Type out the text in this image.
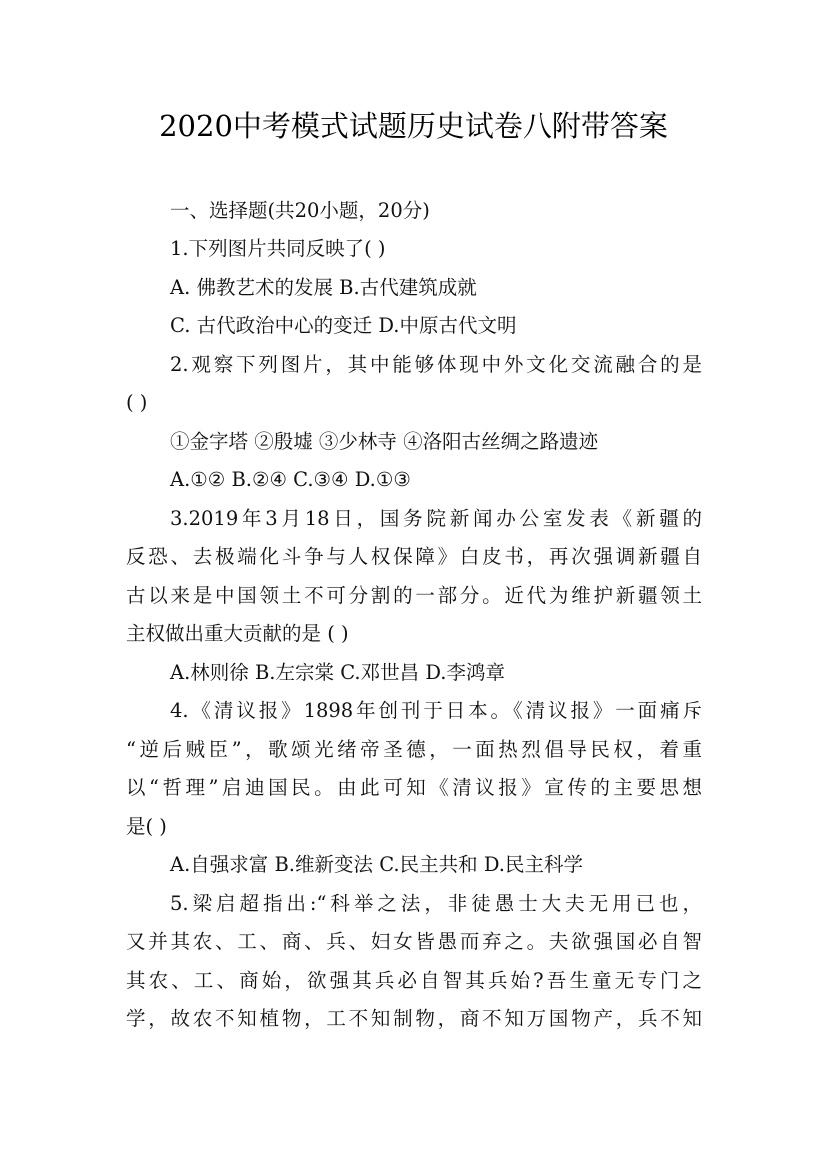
2020中考模式试题历史试卷八附带答案
一、选择题(共20小题，20分)
1.下列图片共同反映了( )
A. 佛教艺术的发展 B.古代建筑成就
C. 古代政治中心的变迁 D.中原古代文明
2.观察下列图片，其中能够体现中外文化交流融合的是
( )
①金字塔 ②殷墟 ③少林寺 ④洛阳古丝绸之路遗迹
A.①② B.②④ C.③④ D.①③
3.2019年3月18日，国务院新闻办公室发表《新疆的
反恐、去极端化斗争与人权保障》白皮书，再次强调新疆自
古以来是中国领土不可分割的一部分。近代为维护新疆领土
主权做出重大贡献的是 ( )
A.林则徐 B.左宗棠 C.邓世昌 D.李鸿章
4.《清议报》1898年创刊于日本。《清议报》一面痛斥
“逆后贼臣”，歌颂光绪帝圣德，一面热烈倡导民权，着重
以“哲理”启迪国民。由此可知《清议报》宣传的主要思想
是( )
A.自强求富 B.维新变法 C.民主共和 D.民主科学
5.梁启超指出:“科举之法，非徒愚士大夫无用已也，
又并其农、工、商、兵、妇女皆愚而弃之。夫欲强国必自智
其农、工、商始，欲强其兵必自智其兵始?吾生童无专门之
学，故农不知植物，工不知制物，商不知万国物产，兵不知
